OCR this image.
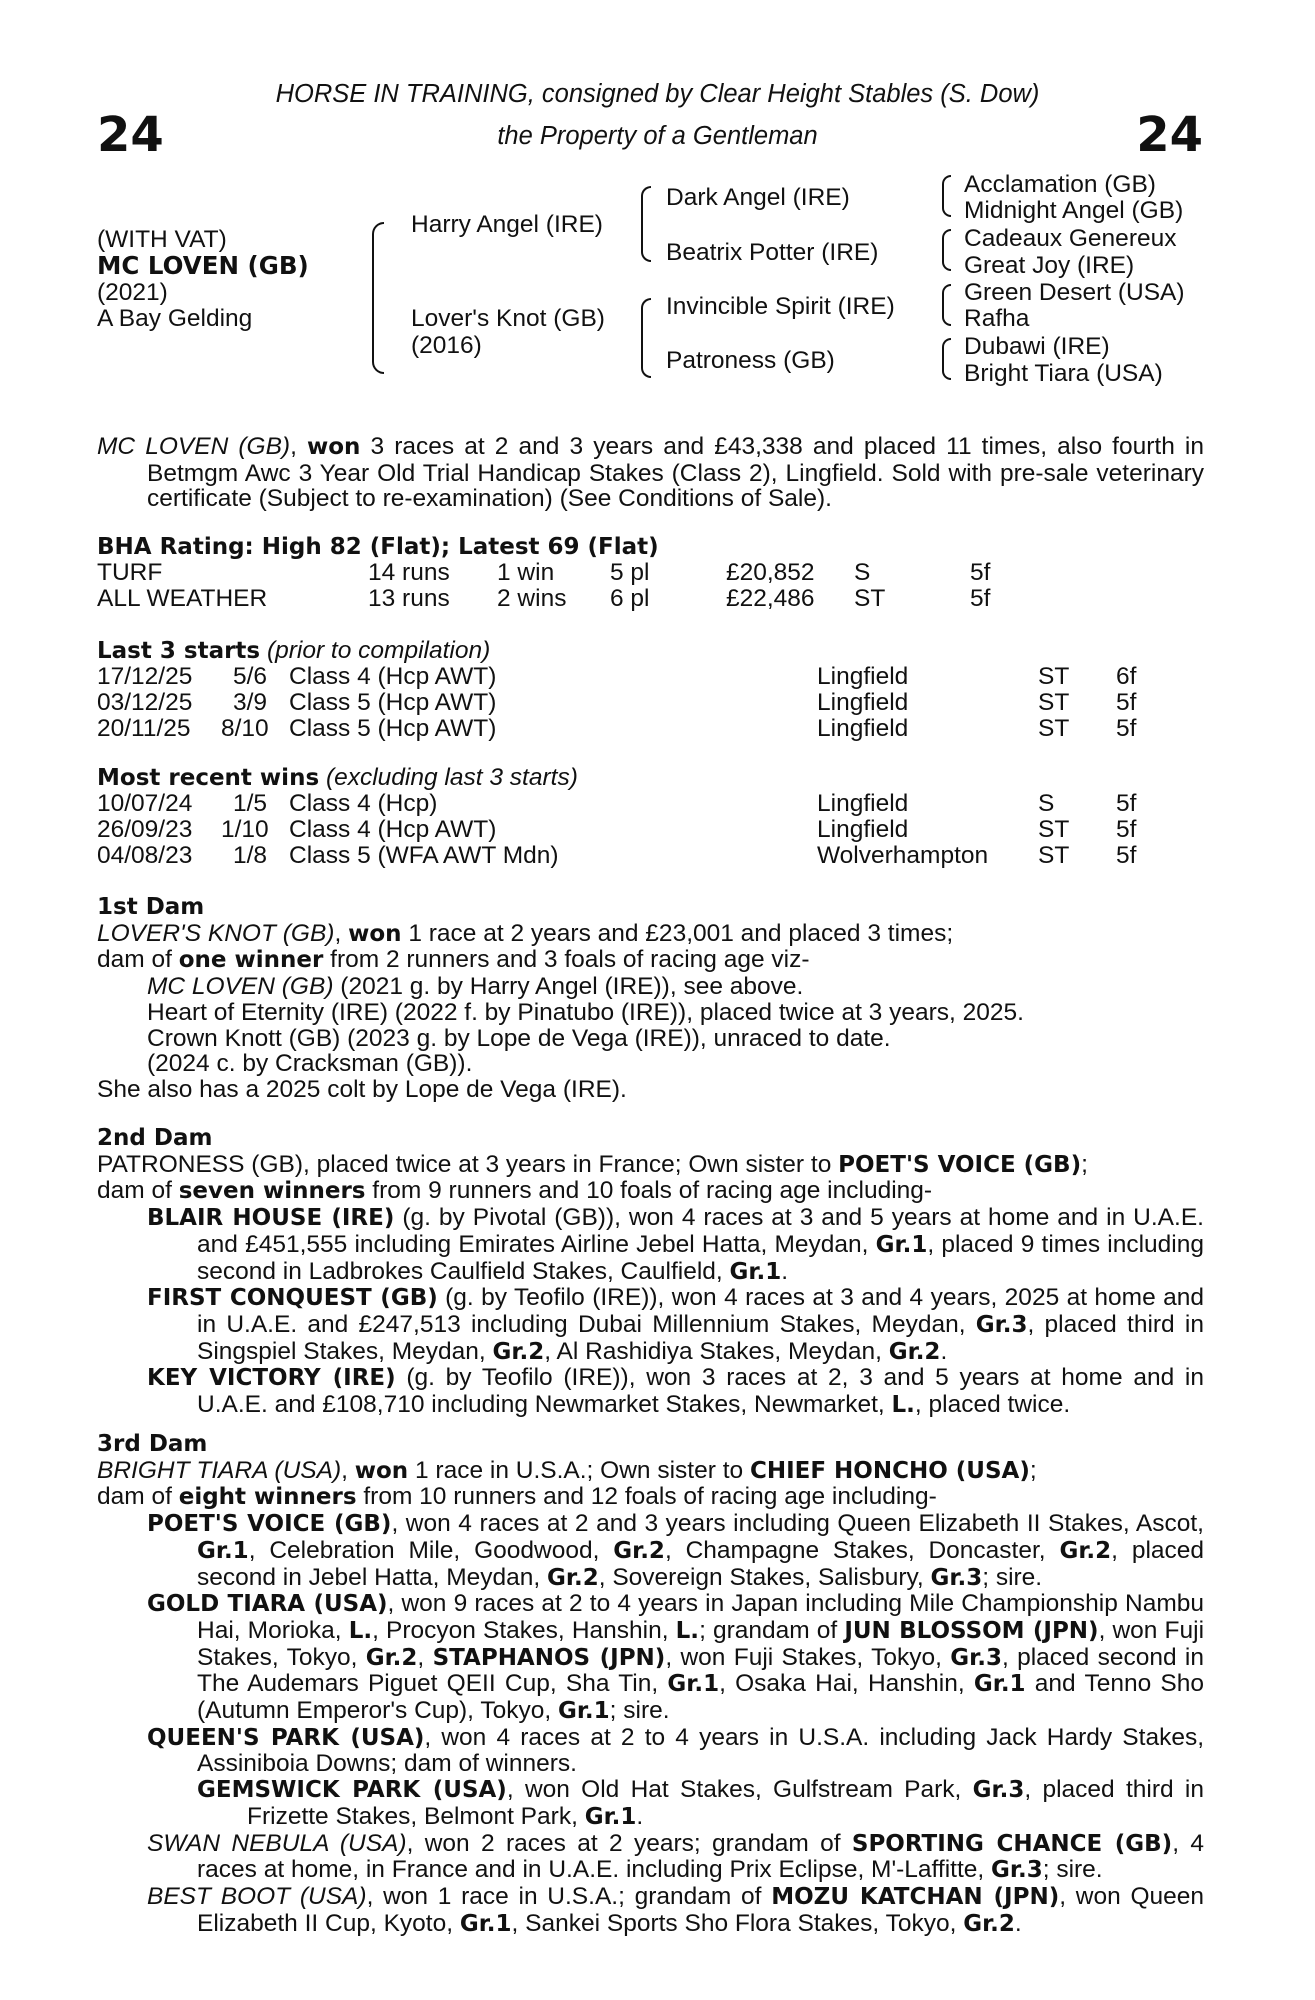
24	24
HORSE IN TRAINING, consigned by Clear Height Stables (S. Dow)
the Property of a Gentleman
(WITH VAT)
MC LOVEN (GB)
(2021)
A Bay Gelding
Harry Angel (IRE)
Lover's Knot (GB)
(2016)
Dark Angel (IRE)
Beatrix Potter (IRE)
Invincible Spirit (IRE)
Patroness (GB)
Acclamation (GB)
Midnight Angel (GB)
Cadeaux Genereux
Great Joy (IRE)
Green Desert (USA)
Rafha
Dubawi (IRE)
Bright Tiara (USA)

MC LOVEN (GB), won 3 races at 2 and 3 years and £43,338 and placed 11 times, also fourth in Betmgm Awc 3 Year Old Trial Handicap Stakes (Class 2), Lingfield. Sold with pre-sale veterinary certificate (Subject to re-examination) (See Conditions of Sale).

BHA Rating: High 82 (Flat); Latest 69 (Flat)
TURF	14 runs 1 win 5 pl	£20,852 S	5f
ALL WEATHER	13 runs 2 wins 6 pl	£22,486 ST	5f
Last 3 starts (prior to compilation)
17/12/25 5/6 Class 4 (Hcp AWT)	Lingfield	ST 6f
03/12/25 3/9 Class 5 (Hcp AWT)	Lingfield	ST 5f
20/11/25 8/10 Class 5 (Hcp AWT)	Lingfield	ST 5f
Most recent wins (excluding last 3 starts)
10/07/24 1/5 Class 4 (Hcp)	Lingfield	S	5f
26/09/23 1/10 Class 4 (Hcp AWT)	Lingfield	ST 5f
04/08/23 1/8 Class 5 (WFA AWT Mdn)	Wolverhampton ST 5f

1st Dam

LOVER'S KNOT (GB), won 1 race at 2 years and £23,001 and placed 3 times;

dam of one winner from 2 runners and 3 foals of racing age viz-

MC LOVEN (GB) (2021 g. by Harry Angel (IRE)), see above.

Heart of Eternity (IRE) (2022 f. by Pinatubo (IRE)), placed twice at 3 years, 2025.

Crown Knott (GB) (2023 g. by Lope de Vega (IRE)), unraced to date.

(2024 c. by Cracksman (GB)).

She also has a 2025 colt by Lope de Vega (IRE).

2nd Dam

PATRONESS (GB), placed twice at 3 years in France; Own sister to POET'S VOICE (GB);

dam of seven winners from 9 runners and 10 foals of racing age including-

BLAIR HOUSE (IRE) (g. by Pivotal (GB)), won 4 races at 3 and 5 years at home and in U.A.E. and £451,555 including Emirates Airline Jebel Hatta, Meydan, Gr.1, placed 9 times including second in Ladbrokes Caulfield Stakes, Caulfield, Gr.1.

FIRST CONQUEST (GB) (g. by Teofilo (IRE)), won 4 races at 3 and 4 years, 2025 at home and in U.A.E. and £247,513 including Dubai Millennium Stakes, Meydan, Gr.3, placed third in Singspiel Stakes, Meydan, Gr.2, Al Rashidiya Stakes, Meydan, Gr.2.

KEY VICTORY (IRE) (g. by Teofilo (IRE)), won 3 races at 2, 3 and 5 years at home and in U.A.E. and £108,710 including Newmarket Stakes, Newmarket, L., placed twice.

3rd Dam

BRIGHT TIARA (USA), won 1 race in U.S.A.; Own sister to CHIEF HONCHO (USA);

dam of eight winners from 10 runners and 12 foals of racing age including-

POET'S VOICE (GB), won 4 races at 2 and 3 years including Queen Elizabeth II Stakes, Ascot, Gr.1, Celebration Mile, Goodwood, Gr.2, Champagne Stakes, Doncaster, Gr.2, placed second in Jebel Hatta, Meydan, Gr.2, Sovereign Stakes, Salisbury, Gr.3; sire.

GOLD TIARA (USA), won 9 races at 2 to 4 years in Japan including Mile Championship Nambu Hai, Morioka, L., Procyon Stakes, Hanshin, L.; grandam of JUN BLOSSOM (JPN), won Fuji Stakes, Tokyo, Gr.2, STAPHANOS (JPN), won Fuji Stakes, Tokyo, Gr.3, placed second in The Audemars Piguet QEII Cup, Sha Tin, Gr.1, Osaka Hai, Hanshin, Gr.1 and Tenno Sho (Autumn Emperor's Cup), Tokyo, Gr.1; sire.

QUEEN'S PARK (USA), won 4 races at 2 to 4 years in U.S.A. including Jack Hardy Stakes, Assiniboia Downs; dam of winners.

GEMSWICK PARK (USA), won Old Hat Stakes, Gulfstream Park, Gr.3, placed third in Frizette Stakes, Belmont Park, Gr.1.

SWAN NEBULA (USA), won 2 races at 2 years; grandam of SPORTING CHANCE (GB), 4 races at home, in France and in U.A.E. including Prix Eclipse, M'-Laffitte, Gr.3; sire.

BEST BOOT (USA), won 1 race in U.S.A.; grandam of MOZU KATCHAN (JPN), won Queen Elizabeth II Cup, Kyoto, Gr.1, Sankei Sports Sho Flora Stakes, Tokyo, Gr.2.
